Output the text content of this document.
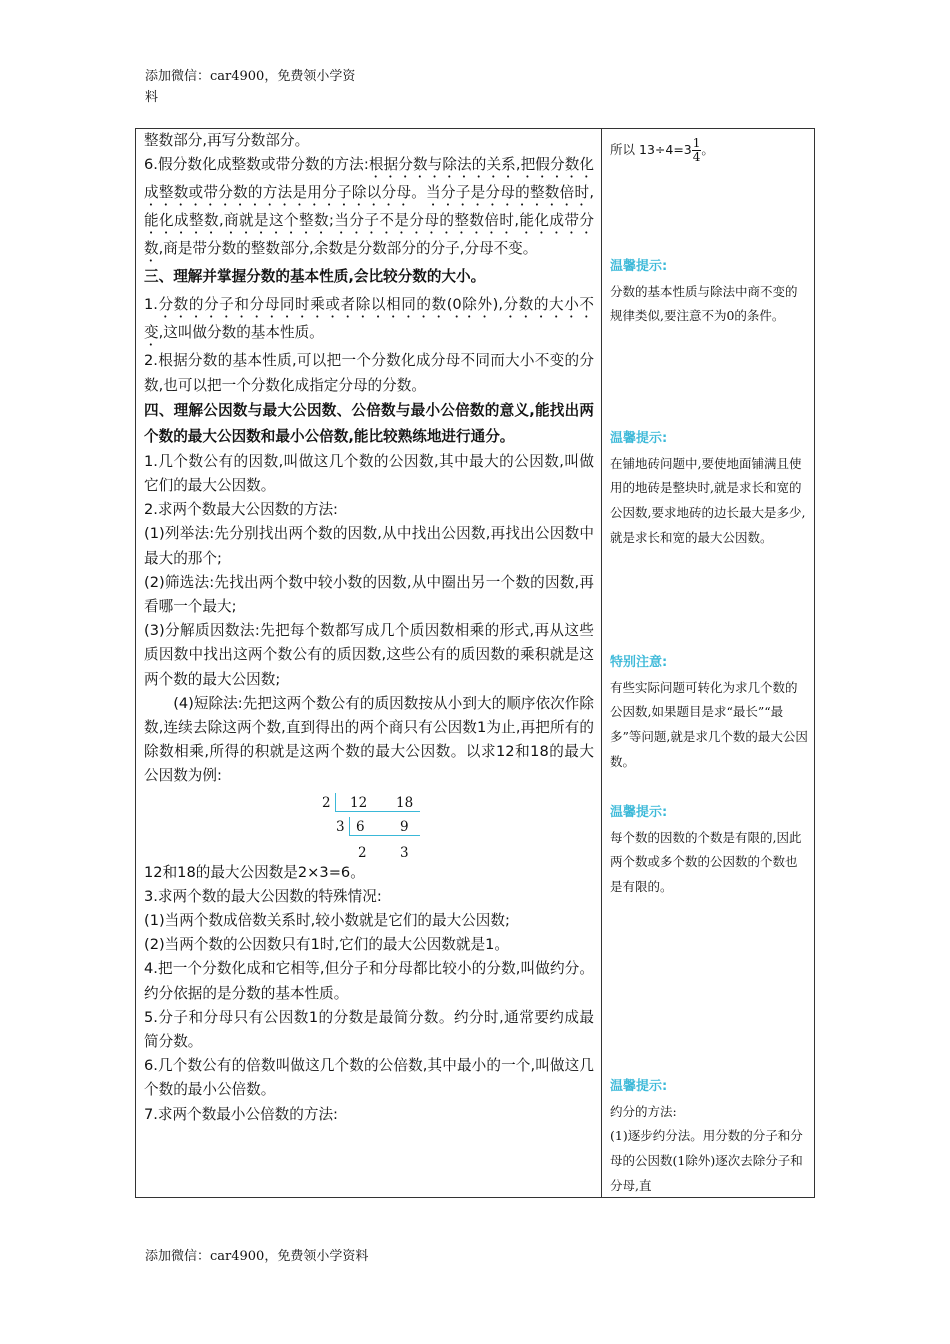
添加微信：car4900，免费领小学资
料

整数部分,再写分数部分。

6.假分数化成整数或带分数的方法:根据分数与除法的关系,把假分数化成整数或带分数的方法是用分子除以分母。当分子是分母的整数倍时,能化成整数,商就是这个整数;当分子不是分母的整数倍时,能化成带分数,商是带分数的整数部分,余数是分数部分的分子,分母不变。

三、理解并掌握分数的基本性质,会比较分数的大小。

1.分数的分子和分母同时乘或者除以相同的数(0除外),分数的大小不变,这叫做分数的基本性质。

2.根据分数的基本性质,可以把一个分数化成分母不同而大小不变的分数,也可以把一个分数化成指定分母的分数。

四、理解公因数与最大公因数、公倍数与最小公倍数的意义,能找出两个数的最大公因数和最小公倍数,能比较熟练地进行通分。

1.几个数公有的因数,叫做这几个数的公因数,其中最大的公因数,叫做它们的最大公因数。

2.求两个数最大公因数的方法:

(1)列举法:先分别找出两个数的因数,从中找出公因数,再找出公因数中最大的那个;

(2)筛选法:先找出两个数中较小数的因数,从中圈出另一个数的因数,再看哪一个最大;

(3)分解质因数法:先把每个数都写成几个质因数相乘的形式,再从这些质因数中找出这两个数公有的质因数,这些公有的质因数的乘积就是这两个数的最大公因数;

(4)短除法:先把这两个数公有的质因数按从小到大的顺序依次作除数,连续去除这两个数,直到得出的两个商只有公因数1为止,再把所有的除数相乘,所得的积就是这两个数的最大公因数。以求12和18的最大公因数为例:

2 12 18
3 6	9
2 3

12和18的最大公因数是2×3=6。

3.求两个数的最大公因数的特殊情况:

(1)当两个数成倍数关系时,较小数就是它们的最大公因数;

(2)当两个数的公因数只有1时,它们的最大公因数就是1。

4.把一个分数化成和它相等,但分子和分母都比较小的分数,叫做约分。约分依据的是分数的基本性质。

5.分子和分母只有公因数1的分数是最简分数。约分时,通常要约成最简分数。

6.几个数公有的倍数叫做这几个数的公倍数,其中最小的一个,叫做这几个数的最小公倍数。

7.求两个数最小公倍数的方法:

所以 $13\div 4=3 \frac{1}{4}$ 。

温馨提示:

分数的基本性质与除法中商不变的规律类似,要注意不为0的条件。

温馨提示:

在铺地砖问题中,要使地面铺满且使用的地砖是整块时,就是求长和宽的公因数,要求地砖的边长最大是多少,就是求长和宽的最大公因数。

特别注意:

有些实际问题可转化为求几个数的公因数,如果题目是求“最长”“最多”等问题,就是求几个数的最大公因数。

温馨提示:

每个数的因数的个数是有限的,因此两个数或多个数的公因数的个数也是有限的。

温馨提示:

约分的方法:

(1)逐步约分法。用分数的分子和分母的公因数(1除外)逐次去除分子和分母,直

添加微信：car4900，免费领小学资料
